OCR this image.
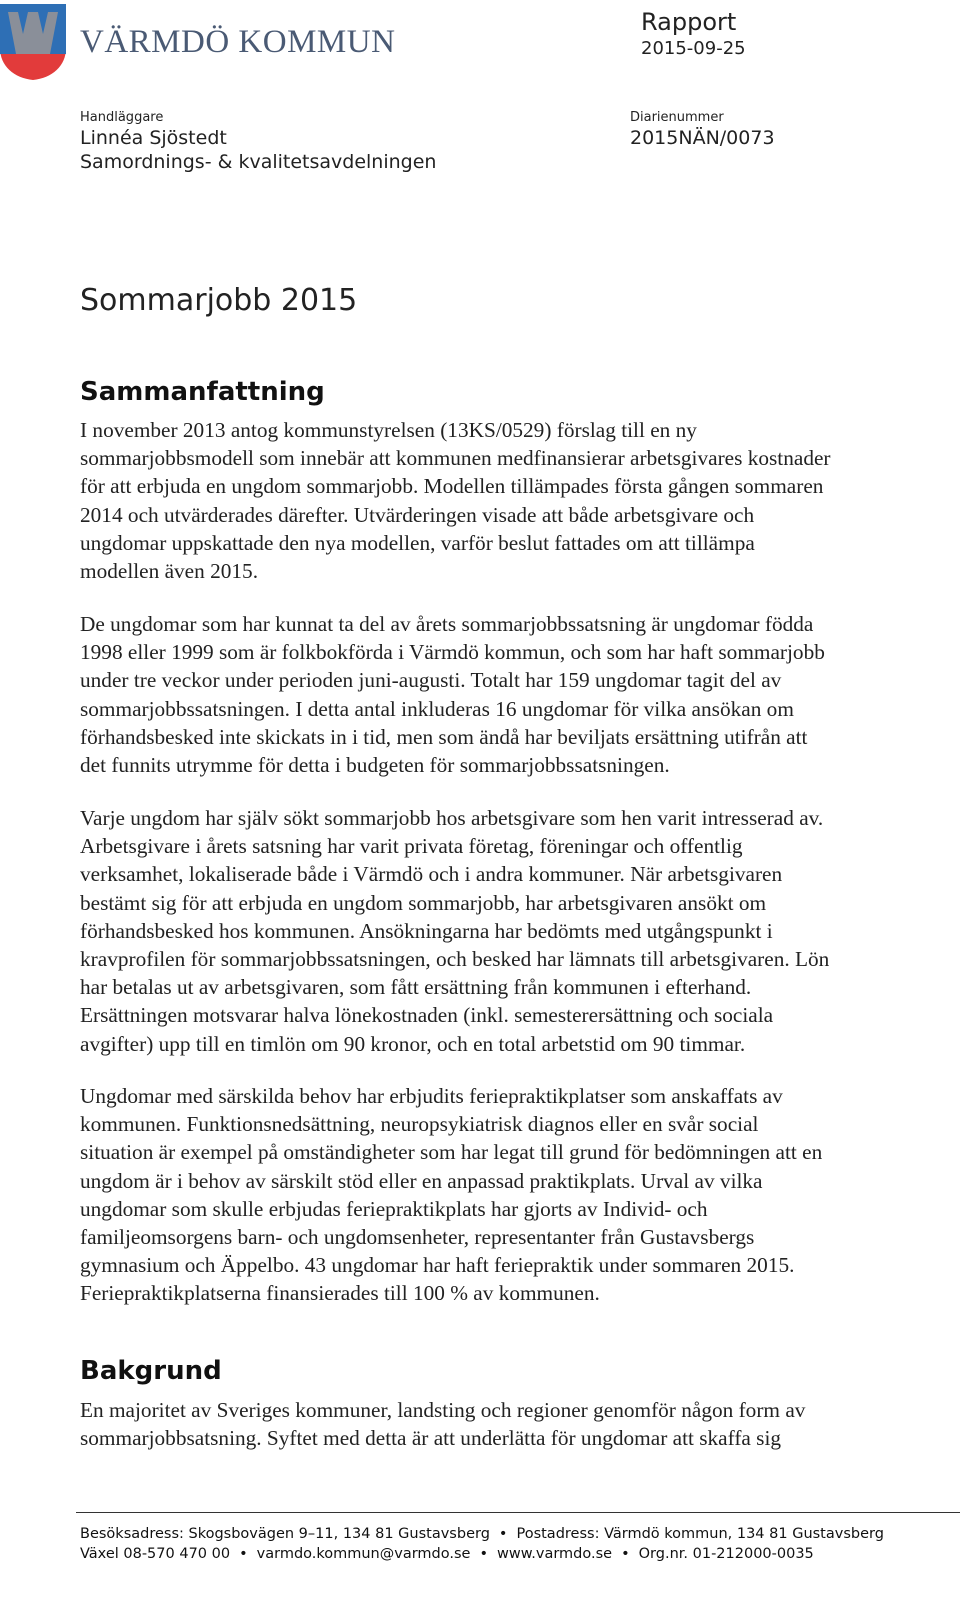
VÄRMDÖ KOMMUN
Rapport
2015-09-25
Handläggare
Linnéa Sjöstedt
Samordnings- & kvalitetsavdelningen
Diarienummer
2015NÄN/0073
Sommarjobb 2015
Sammanfattning

I november 2013 antog kommunstyrelsen (13KS/0529) förslag till en ny
sommarjobbsmodell som innebär att kommunen medfinansierar arbetsgivares kostnader
för att erbjuda en ungdom sommarjobb. Modellen tillämpades första gången sommaren
2014 och utvärderades därefter. Utvärderingen visade att både arbetsgivare och
ungdomar uppskattade den nya modellen, varför beslut fattades om att tillämpa
modellen även 2015.

De ungdomar som har kunnat ta del av årets sommarjobbssatsning är ungdomar födda
1998 eller 1999 som är folkbokförda i Värmdö kommun, och som har haft sommarjobb
under tre veckor under perioden juni-augusti. Totalt har 159 ungdomar tagit del av
sommarjobbssatsningen. I detta antal inkluderas 16 ungdomar för vilka ansökan om
förhandsbesked inte skickats in i tid, men som ändå har beviljats ersättning utifrån att
det funnits utrymme för detta i budgeten för sommarjobbssatsningen.

Varje ungdom har själv sökt sommarjobb hos arbetsgivare som hen varit intresserad av.
Arbetsgivare i årets satsning har varit privata företag, föreningar och offentlig
verksamhet, lokaliserade både i Värmdö och i andra kommuner. När arbetsgivaren
bestämt sig för att erbjuda en ungdom sommarjobb, har arbetsgivaren ansökt om
förhandsbesked hos kommunen. Ansökningarna har bedömts med utgångspunkt i
kravprofilen för sommarjobbssatsningen, och besked har lämnats till arbetsgivaren. Lön
har betalas ut av arbetsgivaren, som fått ersättning från kommunen i efterhand.
Ersättningen motsvarar halva lönekostnaden (inkl. semesterersättning och sociala
avgifter) upp till en timlön om 90 kronor, och en total arbetstid om 90 timmar.

Ungdomar med särskilda behov har erbjudits feriepraktikplatser som anskaffats av
kommunen. Funktionsnedsättning, neuropsykiatrisk diagnos eller en svår social
situation är exempel på omständigheter som har legat till grund för bedömningen att en
ungdom är i behov av särskilt stöd eller en anpassad praktikplats. Urval av vilka
ungdomar som skulle erbjudas feriepraktikplats har gjorts av Individ- och
familjeomsorgens barn- och ungdomsenheter, representanter från Gustavsbergs
gymnasium och Äppelbo. 43 ungdomar har haft feriepraktik under sommaren 2015.
Feriepraktikplatserna finansierades till 100 % av kommunen.

Bakgrund

En majoritet av Sveriges kommuner, landsting och regioner genomför någon form av
sommarjobbsatsning. Syftet med detta är att underlätta för ungdomar att skaffa sig

Besöksadress: Skogsbovägen 9–11, 134 81 Gustavsberg • Postadress: Värmdö kommun, 134 81 Gustavsberg
Växel 08-570 470 00 • varmdo.kommun@varmdo.se • www.varmdo.se • Org.nr. 01-212000-0035
